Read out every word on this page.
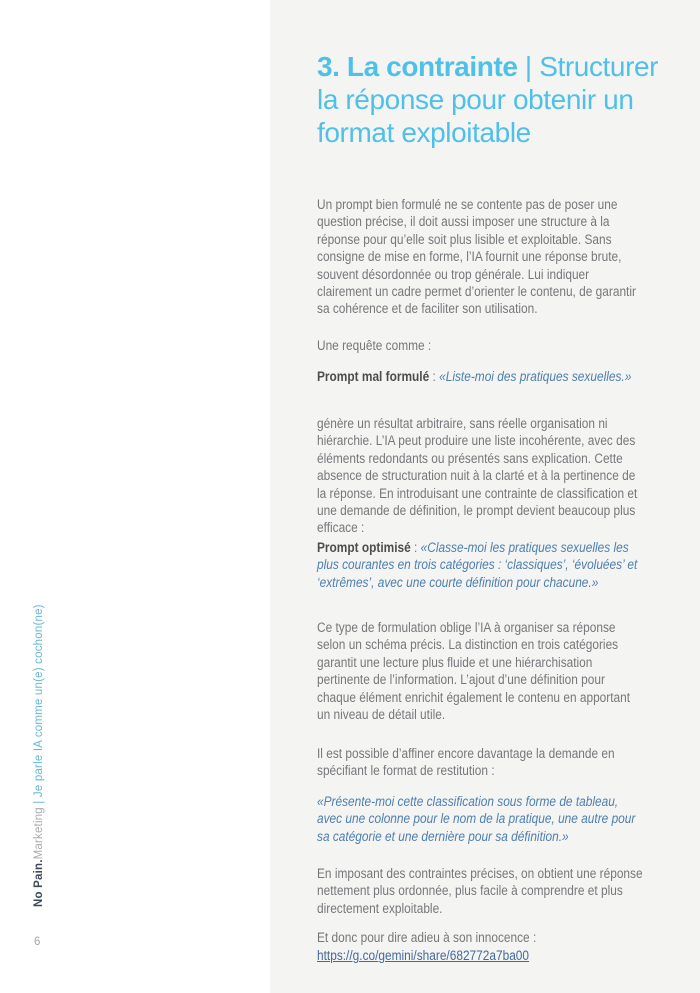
No Pain.Marketing | Je parle IA comme un(e) cochon(ne)
6
3. La contrainte | Structurer la réponse pour obtenir un format exploitable

Un prompt bien formulé ne se contente pas de poser une question précise, il doit aussi imposer une structure à la réponse pour qu’elle soit plus lisible et exploitable. Sans consigne de mise en forme, l’IA fournit une réponse brute, souvent désordonnée ou trop générale. Lui indiquer clairement un cadre permet d’orienter le contenu, de garantir sa cohérence et de faciliter son utilisation.

Une requête comme :

Prompt mal formulé : «Liste-moi des pratiques sexuelles.»

génère un résultat arbitraire, sans réelle organisation ni hiérarchie. L’IA peut produire une liste incohérente, avec des éléments redondants ou présentés sans explication. Cette absence de structuration nuit à la clarté et à la pertinence de la réponse. En introduisant une contrainte de classification et une demande de définition, le prompt devient beaucoup plus efficace :

Prompt optimisé : «Classe-moi les pratiques sexuelles les plus courantes en trois catégories : ‘classiques’, ‘évoluées’ et ‘extrêmes’, avec une courte définition pour chacune.»

Ce type de formulation oblige l’IA à organiser sa réponse selon un schéma précis. La distinction en trois catégories garantit une lecture plus fluide et une hiérarchisation pertinente de l’information. L’ajout d’une définition pour chaque élément enrichit également le contenu en apportant un niveau de détail utile.

Il est possible d’affiner encore davantage la demande en spécifiant le format de restitution :

«Présente-moi cette classification sous forme de tableau, avec une colonne pour le nom de la pratique, une autre pour sa catégorie et une dernière pour sa définition.»

En imposant des contraintes précises, on obtient une réponse nettement plus ordonnée, plus facile à comprendre et plus directement exploitable.

Et donc pour dire adieu à son innocence :
https://g.co/gemini/share/682772a7ba00
